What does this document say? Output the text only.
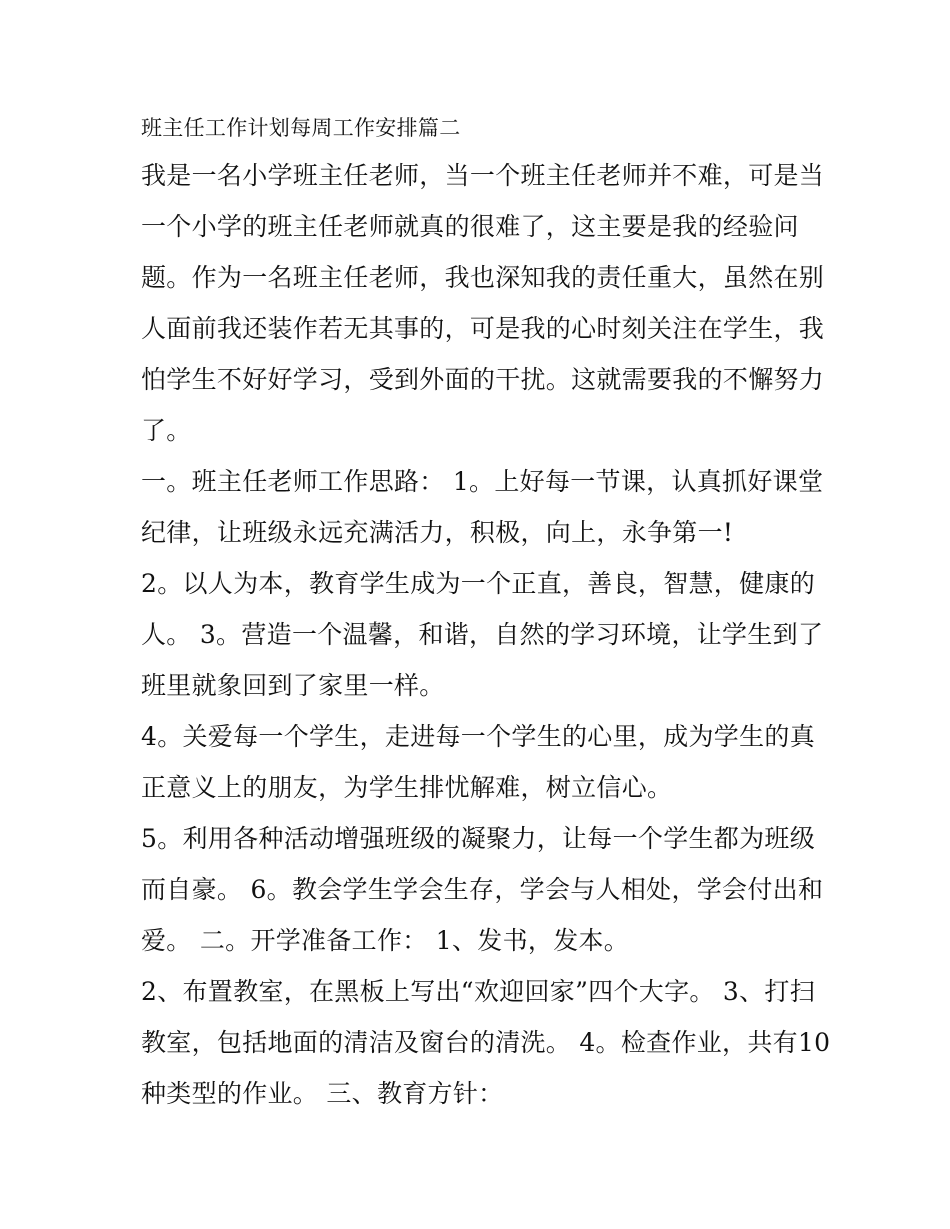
班主任工作计划每周工作安排篇二

我是一名小学班主任老师，当一个班主任老师并不难，可是当

一个小学的班主任老师就真的很难了，这主要是我的经验问

题。作为一名班主任老师，我也深知我的责任重大，虽然在别

人面前我还装作若无其事的，可是我的心时刻关注在学生，我

怕学生不好好学习，受到外面的干扰。这就需要我的不懈努力

了。

一。班主任老师工作思路： 1。上好每一节课，认真抓好课堂

纪律，让班级永远充满活力，积极，向上，永争第一!

2。以人为本，教育学生成为一个正直，善良，智慧，健康的

人。 3。营造一个温馨，和谐，自然的学习环境，让学生到了

班里就象回到了家里一样。

4。关爱每一个学生，走进每一个学生的心里，成为学生的真

正意义上的朋友，为学生排忧解难，树立信心。

5。利用各种活动增强班级的凝聚力，让每一个学生都为班级

而自豪。 6。教会学生学会生存，学会与人相处，学会付出和

爱。 二。开学准备工作： 1、发书，发本。

2、布置教室，在黑板上写出“欢迎回家”四个大字。 3、打扫

教室，包括地面的清洁及窗台的清洗。 4。检查作业，共有10

种类型的作业。 三、教育方针：
